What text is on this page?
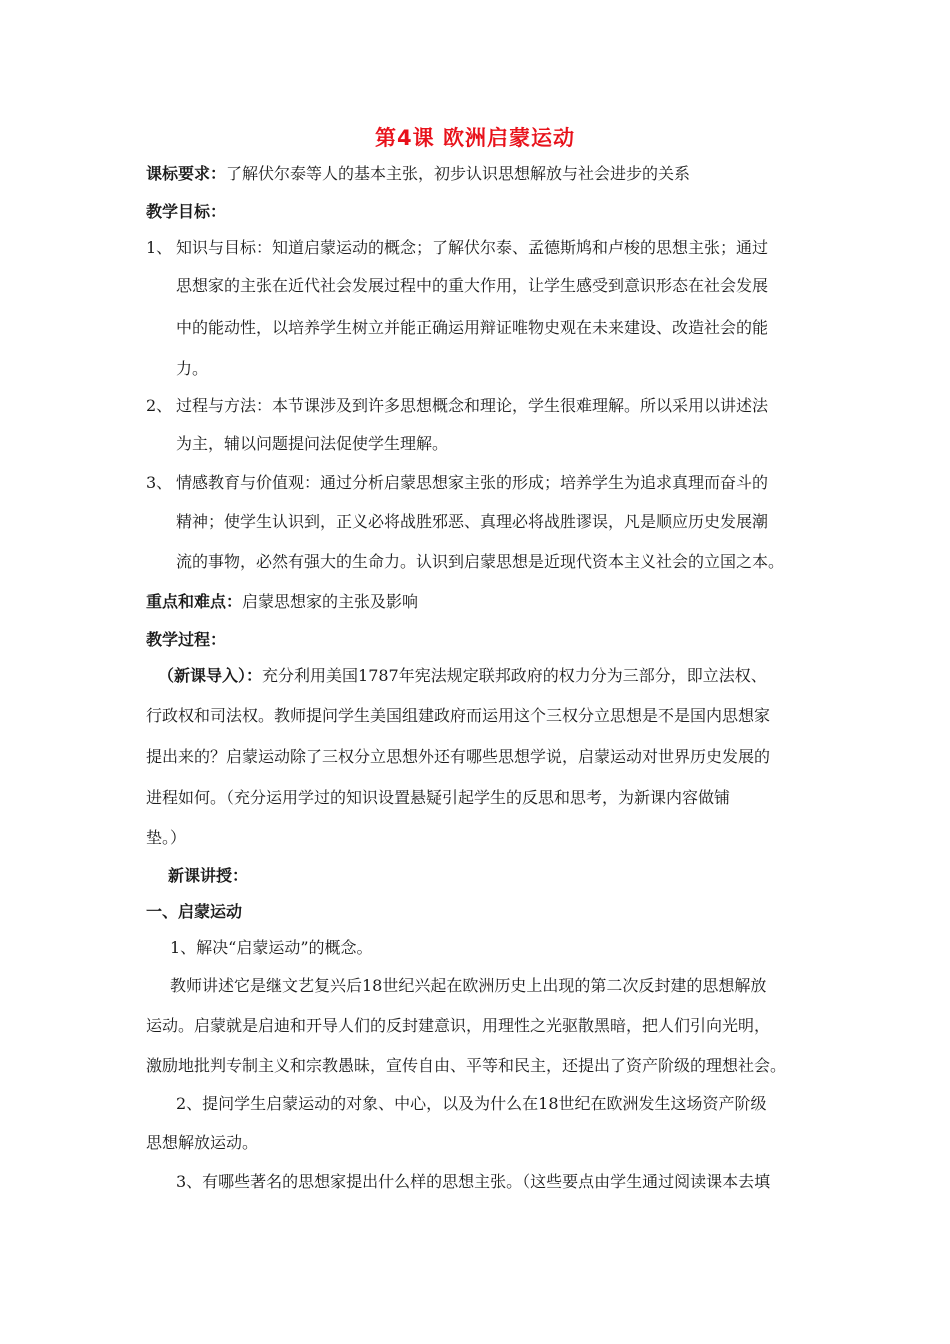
第4课 欧洲启蒙运动
课标要求：了解伏尔泰等人的基本主张，初步认识思想解放与社会进步的关系
教学目标：
1、 知识与目标：知道启蒙运动的概念；了解伏尔泰、孟德斯鸠和卢梭的思想主张；通过
思想家的主张在近代社会发展过程中的重大作用，让学生感受到意识形态在社会发展
中的能动性，以培养学生树立并能正确运用辩证唯物史观在未来建设、改造社会的能
力。
2、 过程与方法：本节课涉及到许多思想概念和理论，学生很难理解。所以采用以讲述法
为主，辅以问题提问法促使学生理解。
3、 情感教育与价值观：通过分析启蒙思想家主张的形成；培养学生为追求真理而奋斗的
精神；使学生认识到，正义必将战胜邪恶、真理必将战胜谬误，凡是顺应历史发展潮
流的事物，必然有强大的生命力。认识到启蒙思想是近现代资本主义社会的立国之本。
重点和难点：启蒙思想家的主张及影响
教学过程：
（新课导入）：充分利用美国1787年宪法规定联邦政府的权力分为三部分，即立法权、
行政权和司法权。教师提问学生美国组建政府而运用这个三权分立思想是不是国内思想家
提出来的？启蒙运动除了三权分立思想外还有哪些思想学说，启蒙运动对世界历史发展的
进程如何。（充分运用学过的知识设置悬疑引起学生的反思和思考，为新课内容做铺
垫。）
新课讲授：
一、启蒙运动
1、解决“启蒙运动”的概念。
教师讲述它是继文艺复兴后18世纪兴起在欧洲历史上出现的第二次反封建的思想解放
运动。启蒙就是启迪和开导人们的反封建意识，用理性之光驱散黑暗，把人们引向光明，
激励地批判专制主义和宗教愚昧，宣传自由、平等和民主，还提出了资产阶级的理想社会。
2、提问学生启蒙运动的对象、中心，以及为什么在18世纪在欧洲发生这场资产阶级
思想解放运动。
3、有哪些著名的思想家提出什么样的思想主张。（这些要点由学生通过阅读课本去填
